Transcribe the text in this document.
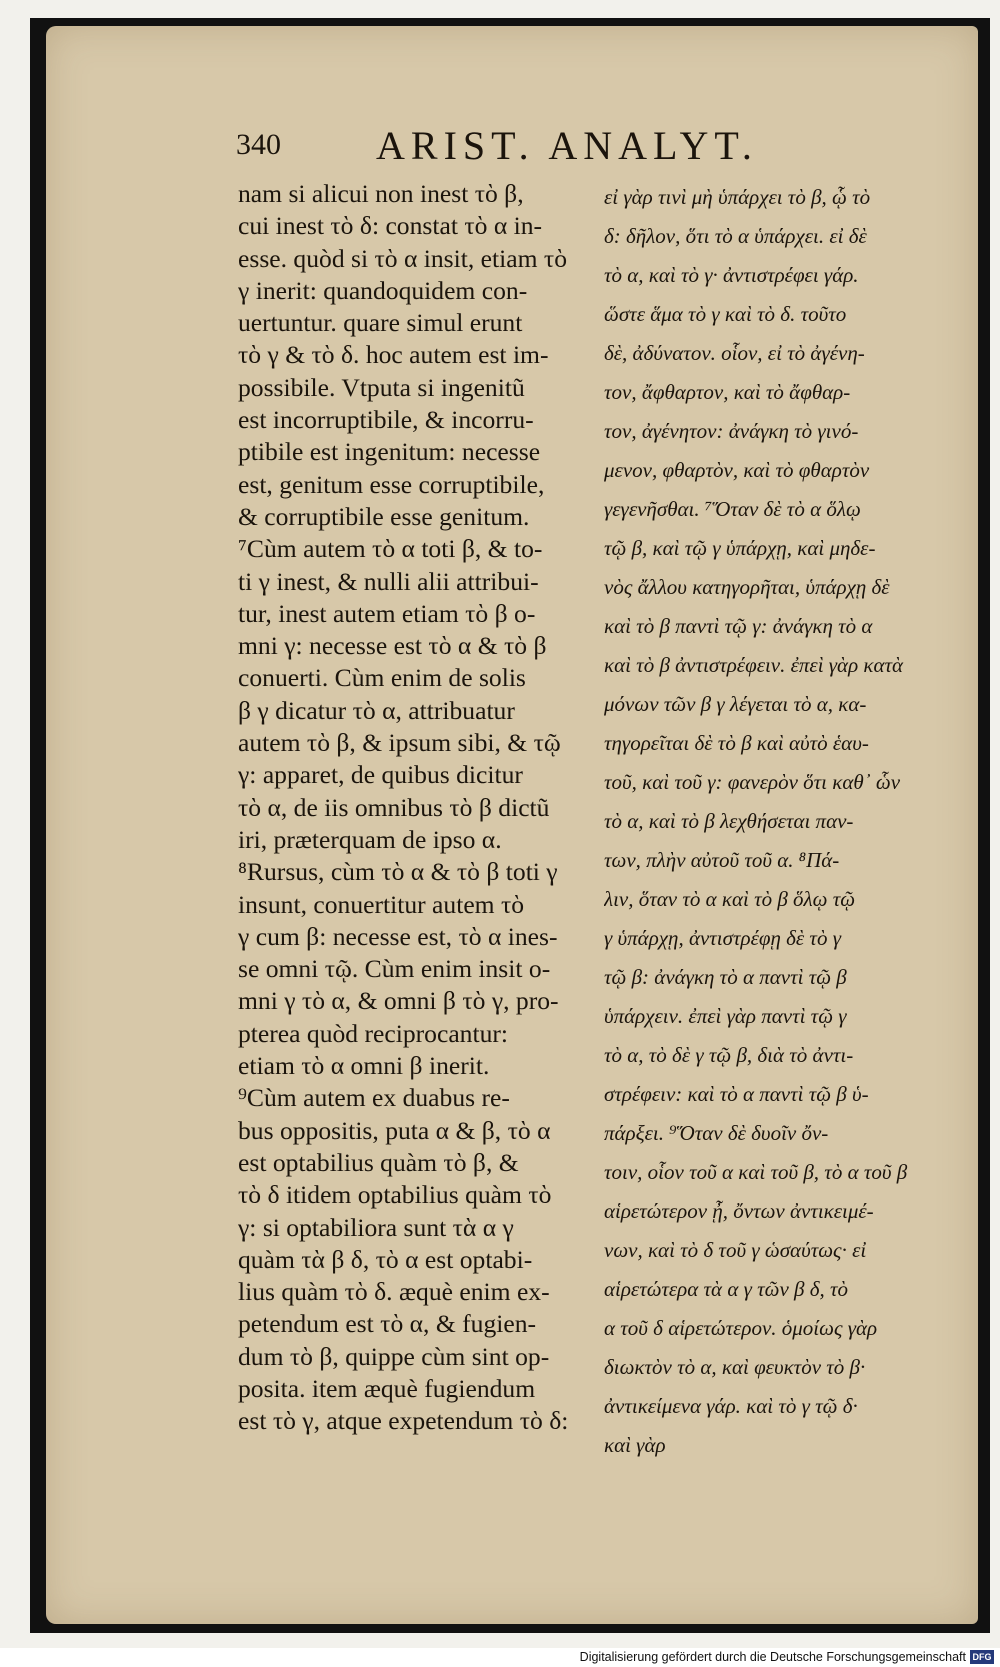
340 ARIST. ANALYT.
nam si alicui non inest τὸ β,
cui inest τὸ δ: constat τὸ α in-
esse. quòd si τὸ α insit, etiam τὸ
γ inerit: quandoquidem con-
uertuntur. quare simul erunt
τὸ γ & τὸ δ. hoc autem est im-
possibile. Vtputa si ingenitũ
est incorruptibile, & incorru-
ptibile est ingenitum: necesse
est, genitum esse corruptibile,
& corruptibile esse genitum.
⁷Cùm autem τὸ α toti β, & to-
ti γ inest, & nulli alii attribui-
tur, inest autem etiam τὸ β o-
mni γ: necesse est τὸ α & τὸ β
conuerti. Cùm enim de solis
β γ dicatur τὸ α, attribuatur
autem τὸ β, & ipsum sibi, & τῷ
γ: apparet, de quibus dicitur
τὸ α, de iis omnibus τὸ β dictũ
iri, præterquam de ipso α.
⁸Rursus, cùm τὸ α & τὸ β toti γ
insunt, conuertitur autem τὸ
γ cum β: necesse est, τὸ α ines-
se omni τῷ. Cùm enim insit o-
mni γ τὸ α, & omni β τὸ γ, pro-
pterea quòd reciprocantur:
etiam τὸ α omni β inerit.
⁹Cùm autem ex duabus re-
bus oppositis, puta α & β, τὸ α
est optabilius quàm τὸ β, &
τὸ δ itidem optabilius quàm τὸ
γ: si optabiliora sunt τὰ α γ
quàm τὰ β δ, τὸ α est optabi-
lius quàm τὸ δ. æquè enim ex-
petendum est τὸ α, & fugien-
dum τὸ β, quippe cùm sint op-
posita. item æquè fugiendum
est τὸ γ, atque expetendum τὸ δ:
εἰ γὰρ τινὶ μὴ ὑπάρχει τὸ β, ᾧ τὸ
δ: δῆλον, ὅτι τὸ α ὑπάρχει. εἰ δὲ
τὸ α, καὶ τὸ γ· ἀντιστρέφει γάρ.
ὥστε ἅμα τὸ γ καὶ τὸ δ. τοῦτο
δὲ, ἀδύνατον. οἷον, εἰ τὸ ἀγένη-
τον, ἄφθαρτον, καὶ τὸ ἄφθαρ-
τον, ἀγένητον: ἀνάγκη τὸ γινό-
μενον, φθαρτὸν, καὶ τὸ φθαρτὸν
γεγενῆσθαι. ⁷Ὅταν δὲ τὸ α ὅλῳ
τῷ β, καὶ τῷ γ ὑπάρχῃ, καὶ μηδε-
νὸς ἄλλου κατηγορῆται, ὑπάρχῃ δὲ
καὶ τὸ β παντὶ τῷ γ: ἀνάγκη τὸ α
καὶ τὸ β ἀντιστρέφειν. ἐπεὶ γὰρ κατὰ
μόνων τῶν β γ λέγεται τὸ α, κα-
τηγορεῖται δὲ τὸ β καὶ αὐτὸ ἑαυ-
τοῦ, καὶ τοῦ γ: φανερὸν ὅτι καθ᾽ ὧν
τὸ α, καὶ τὸ β λεχθήσεται παν-
των, πλὴν αὐτοῦ τοῦ α. ⁸Πά-
λιν, ὅταν τὸ α καὶ τὸ β ὅλῳ τῷ
γ ὑπάρχῃ, ἀντιστρέφῃ δὲ τὸ γ
τῷ β: ἀνάγκη τὸ α παντὶ τῷ β
ὑπάρχειν. ἐπεὶ γὰρ παντὶ τῷ γ
τὸ α, τὸ δὲ γ τῷ β, διὰ τὸ ἀντι-
στρέφειν: καὶ τὸ α παντὶ τῷ β ὑ-
πάρξει. ⁹Ὅταν δὲ δυοῖν ὄν-
τοιν, οἷον τοῦ α καὶ τοῦ β, τὸ α τοῦ β
αἱρετώτερον ᾖ, ὄντων ἀντικειμέ-
νων, καὶ τὸ δ τοῦ γ ὡσαύτως· εἰ
αἱρετώτερα τὰ α γ τῶν β δ, τὸ
α τοῦ δ αἱρετώτερον. ὁμοίως γὰρ
διωκτὸν τὸ α, καὶ φευκτὸν τὸ β·
ἀντικείμενα γάρ. καὶ τὸ γ τῷ δ·
καὶ γὰρ
Digitalisierung gefördert durch die Deutsche Forschungsgemeinschaft DFG
